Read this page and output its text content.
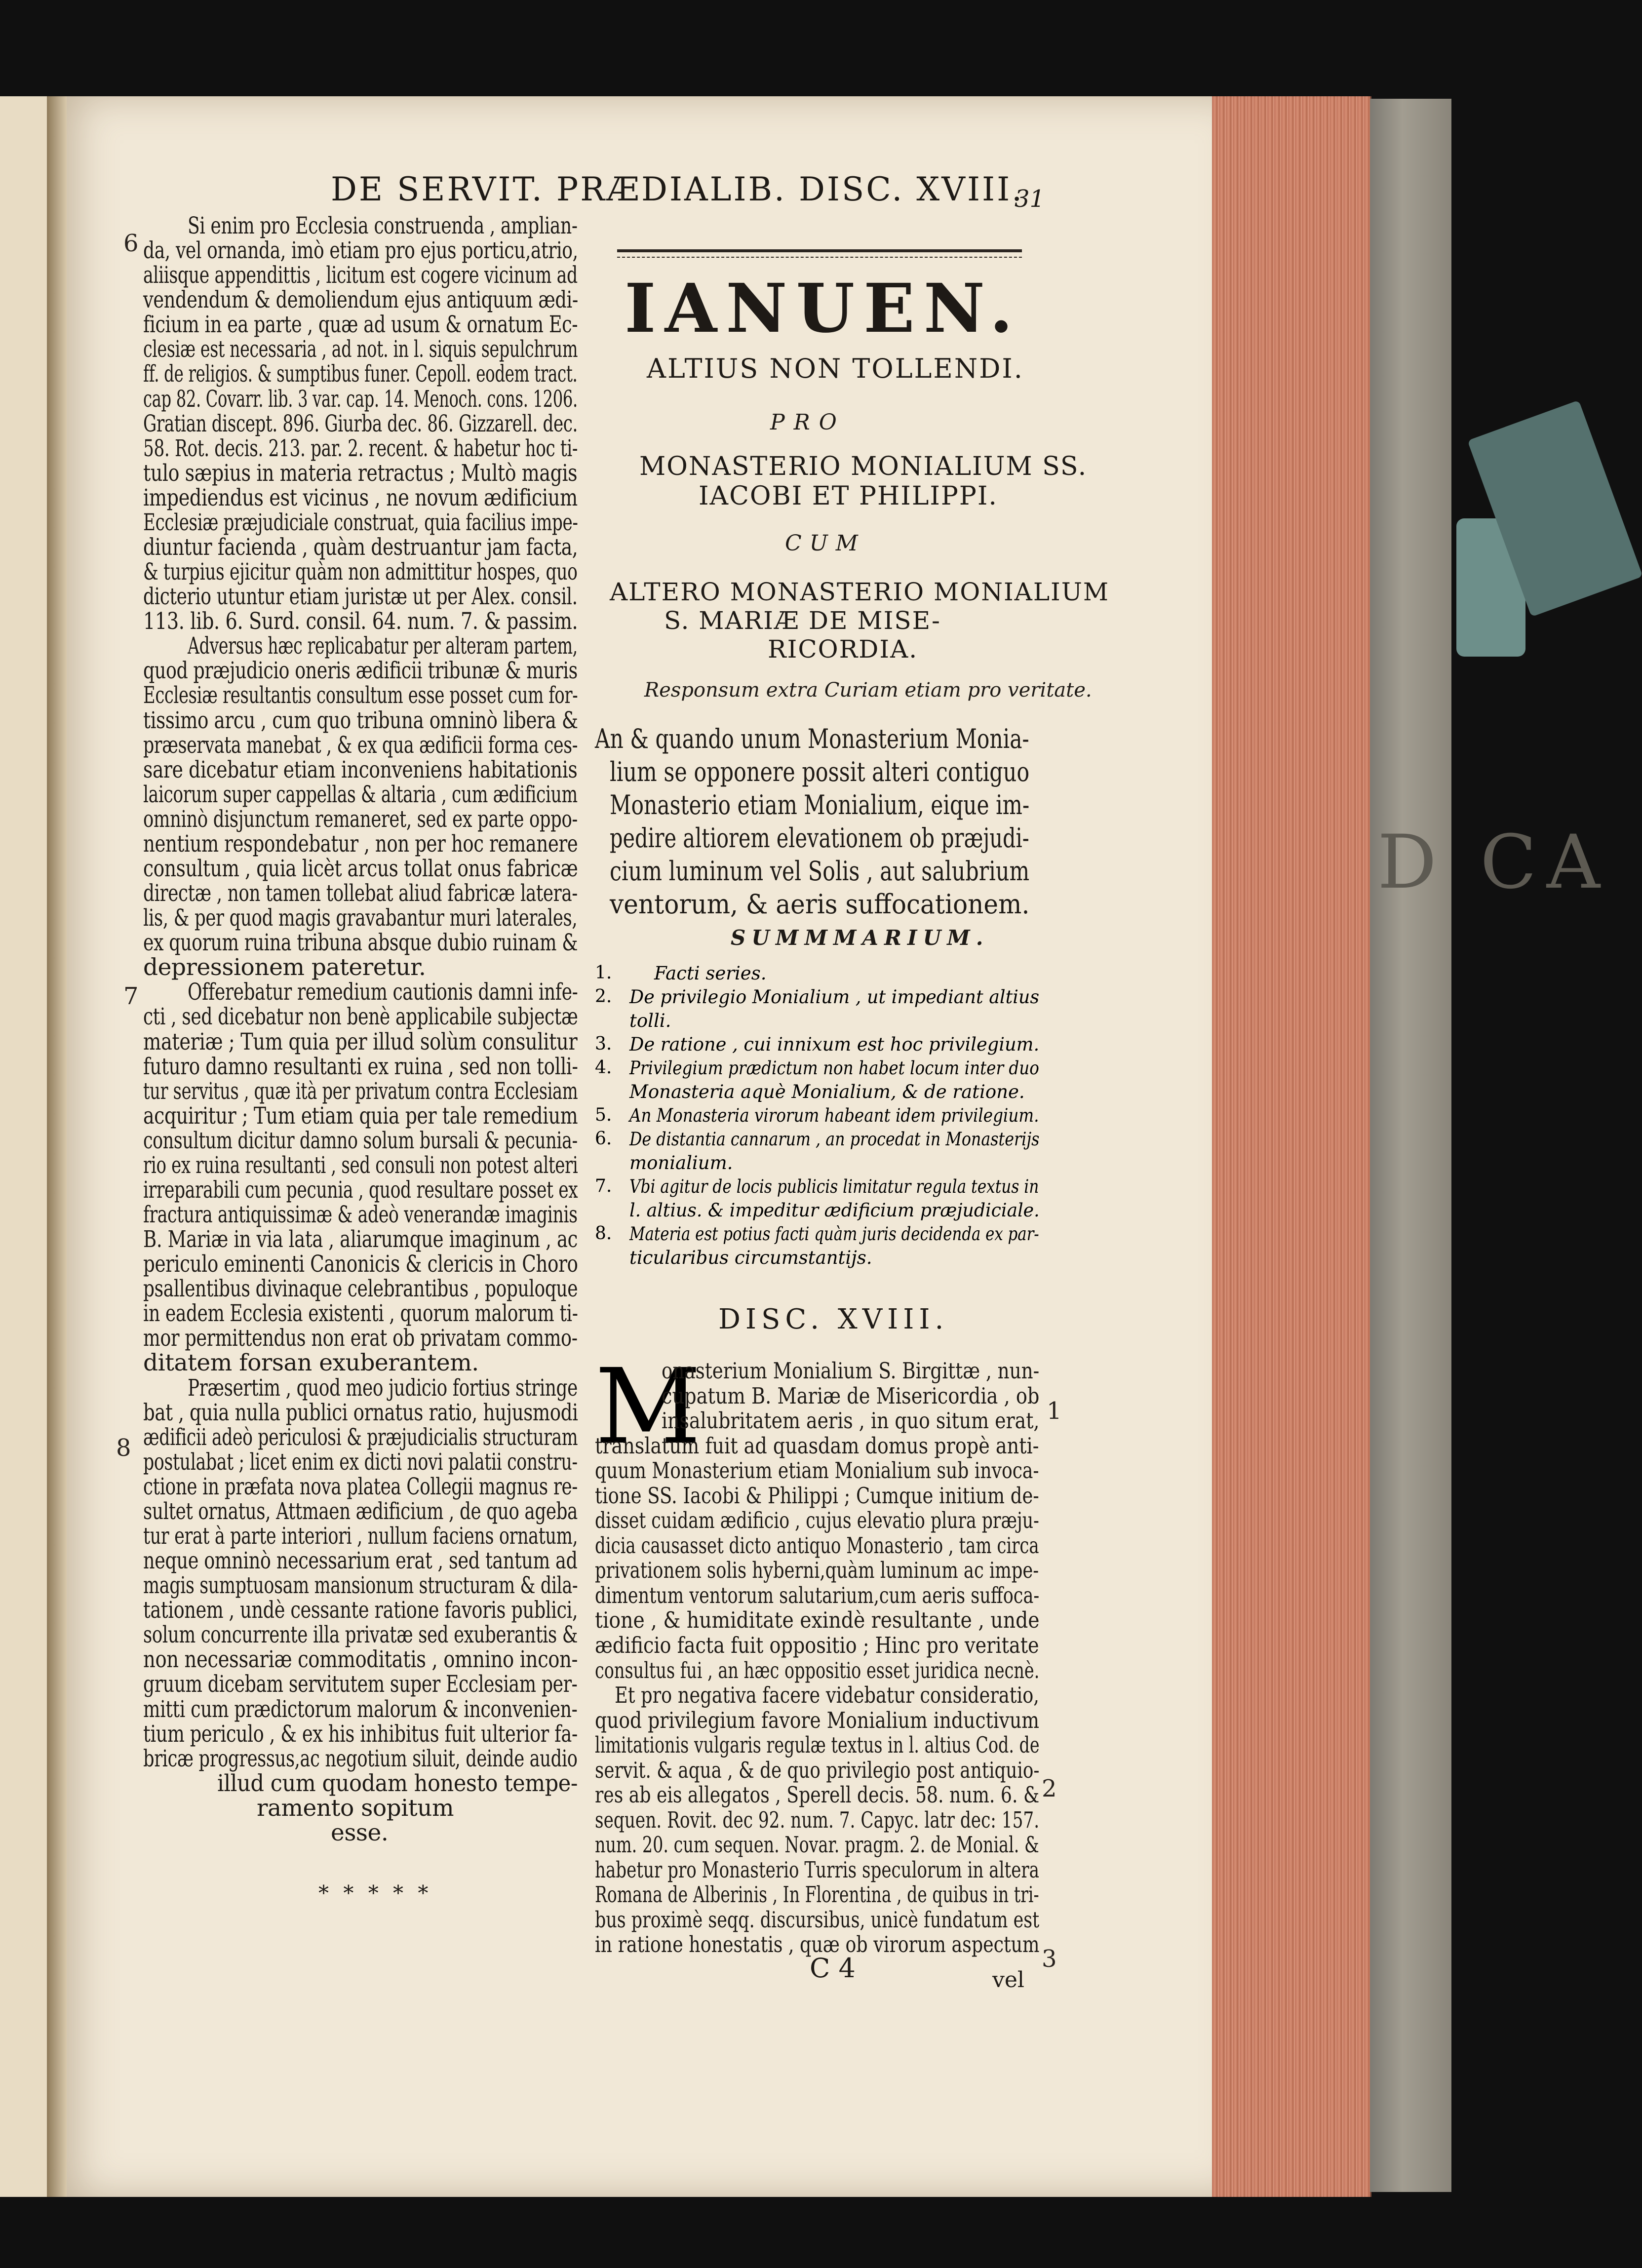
D CA
DE SERVIT. PRÆDIALIB. DISC. XVIII.
31
Si enim pro Ecclesia construenda , amplian-
da, vel ornanda, imò etiam pro ejus porticu,atrio,
aliisque appendittis , licitum est cogere vicinum ad
vendendum & demoliendum ejus antiquum ædi-
ficium in ea parte , quæ ad usum & ornatum Ec-
clesiæ est necessaria , ad not. in l. siquis sepulchrum
ff. de religios. & sumptibus funer. Cepoll. eodem tract.
cap 82. Covarr. lib. 3 var. cap. 14. Menoch. cons. 1206.
Gratian discept. 896. Giurba dec. 86. Gizzarell. dec.
58. Rot. decis. 213. par. 2. recent. & habetur hoc ti-
tulo sæpius in materia retractus ; Multò magis
impediendus est vicinus , ne novum ædificium
Ecclesiæ præjudiciale construat, quia facilius impe-
diuntur facienda , quàm destruantur jam facta,
& turpius ejicitur quàm non admittitur hospes, quo
dicterio utuntur etiam juristæ ut per Alex. consil.
113. lib. 6. Surd. consil. 64. num. 7. & passim.
Adversus hæc replicabatur per alteram partem,
quod præjudicio oneris ædificii tribunæ & muris
Ecclesiæ resultantis consultum esse posset cum for-
tissimo arcu , cum quo tribuna omninò libera &
præservata manebat , & ex qua ædificii forma ces-
sare dicebatur etiam inconveniens habitationis
laicorum super cappellas & altaria , cum ædificium
omninò disjunctum remaneret, sed ex parte oppo-
nentium respondebatur , non per hoc remanere
consultum , quia licèt arcus tollat onus fabricæ
directæ , non tamen tollebat aliud fabricæ latera-
lis, & per quod magis gravabantur muri laterales,
ex quorum ruina tribuna absque dubio ruinam &
depressionem pateretur.
Offerebatur remedium cautionis damni infe-
cti , sed dicebatur non benè applicabile subjectæ
materiæ ; Tum quia per illud solùm consulitur
futuro damno resultanti ex ruina , sed non tolli-
tur servitus , quæ ità per privatum contra Ecclesiam
acquiritur ; Tum etiam quia per tale remedium
consultum dicitur damno solum bursali & pecunia-
rio ex ruina resultanti , sed consuli non potest alteri
irreparabili cum pecunia , quod resultare posset ex
fractura antiquissimæ & adeò venerandæ imaginis
B. Mariæ in via lata , aliarumque imaginum , ac
periculo eminenti Canonicis & clericis in Choro
psallentibus divinaque celebrantibus , populoque
in eadem Ecclesia existenti , quorum malorum ti-
mor permittendus non erat ob privatam commo-
ditatem forsan exuberantem.
Præsertim , quod meo judicio fortius stringe
bat , quia nulla publici ornatus ratio, hujusmodi
ædificii adeò periculosi & præjudicialis structuram
postulabat ; licet enim ex dicti novi palatii constru-
ctione in præfata nova platea Collegii magnus re-
sultet ornatus, Attmaen ædificium , de quo ageba
tur erat à parte interiori , nullum faciens ornatum,
neque omninò necessarium erat , sed tantum ad
magis sumptuosam mansionum structuram & dila-
tationem , undè cessante ratione favoris publici,
solum concurrente illa privatæ sed exuberantis &
non necessariæ commoditatis , omnino incon-
gruum dicebam servitutem super Ecclesiam per-
mitti cum prædictorum malorum & inconvenien-
tium periculo , & ex his inhibitus fuit ulterior fa-
bricæ progressus,ac negotium siluit, deinde audio
illud cum quodam honesto tempe-
ramento sopitum
esse.
6
7
8
* * * * *
IANUEN.
ALTIUS NON TOLLENDI.
PRO
MONASTERIO MONIALIUM SS.
IACOBI ET PHILIPPI.
CUM
ALTERO MONASTERIO MONIALIUM
S. MARIÆ DE MISE-
RICORDIA.
Responsum extra Curiam etiam pro veritate.
An & quando unum Monasterium Monia-
lium se opponere possit alteri contiguo
Monasterio etiam Monialium, eique im-
pedire altiorem elevationem ob præjudi-
cium luminum vel Solis , aut salubrium
ventorum, & aeris suffocationem.
SUMMMARIUM.
1. Facti series.
2. De privilegio Monialium , ut impediant altius
tolli.
3. De ratione , cui innixum est hoc privilegium.
4. Privilegium prædictum non habet locum inter duo
Monasteria aquè Monialium, & de ratione.
5. An Monasteria virorum habeant idem privilegium.
6. De distantia cannarum , an procedat in Monasterijs
monialium.
7. Vbi agitur de locis publicis limitatur regula textus in
l. altius. & impeditur ædificium præjudiciale.
8. Materia est potius facti quàm juris decidenda ex par-
ticularibus circumstantijs.
DISC. XVIII.
M
onasterium Monialium S. Birgittæ , nun-
cupatum B. Mariæ de Misericordia , ob
insalubritatem aeris , in quo situm erat,
translatum fuit ad quasdam domus propè anti-
quum Monasterium etiam Monialium sub invoca-
tione SS. Iacobi & Philippi ; Cumque initium de-
disset cuidam ædificio , cujus elevatio plura præju-
dicia causasset dicto antiquo Monasterio , tam circa
privationem solis hyberni,quàm luminum ac impe-
dimentum ventorum salutarium,cum aeris suffoca-
tione , & humiditate exindè resultante , unde
ædificio facta fuit oppositio ; Hinc pro veritate
consultus fui , an hæc oppositio esset juridica necnè.
Et pro negativa facere videbatur consideratio,
quod privilegium favore Monialium inductivum
limitationis vulgaris regulæ textus in l. altius Cod. de
servit. & aqua , & de quo privilegio post antiquio-
res ab eis allegatos , Sperell decis. 58. num. 6. &
sequen. Rovit. dec 92. num. 7. Capyc. latr dec: 157.
num. 20. cum sequen. Novar. pragm. 2. de Monial. &
habetur pro Monasterio Turris speculorum in altera
Romana de Alberinis , In Florentina , de quibus in tri-
bus proximè seqq. discursibus, unicè fundatum est
in ratione honestatis , quæ ob virorum aspectum
1
2
3
C 4	vel
